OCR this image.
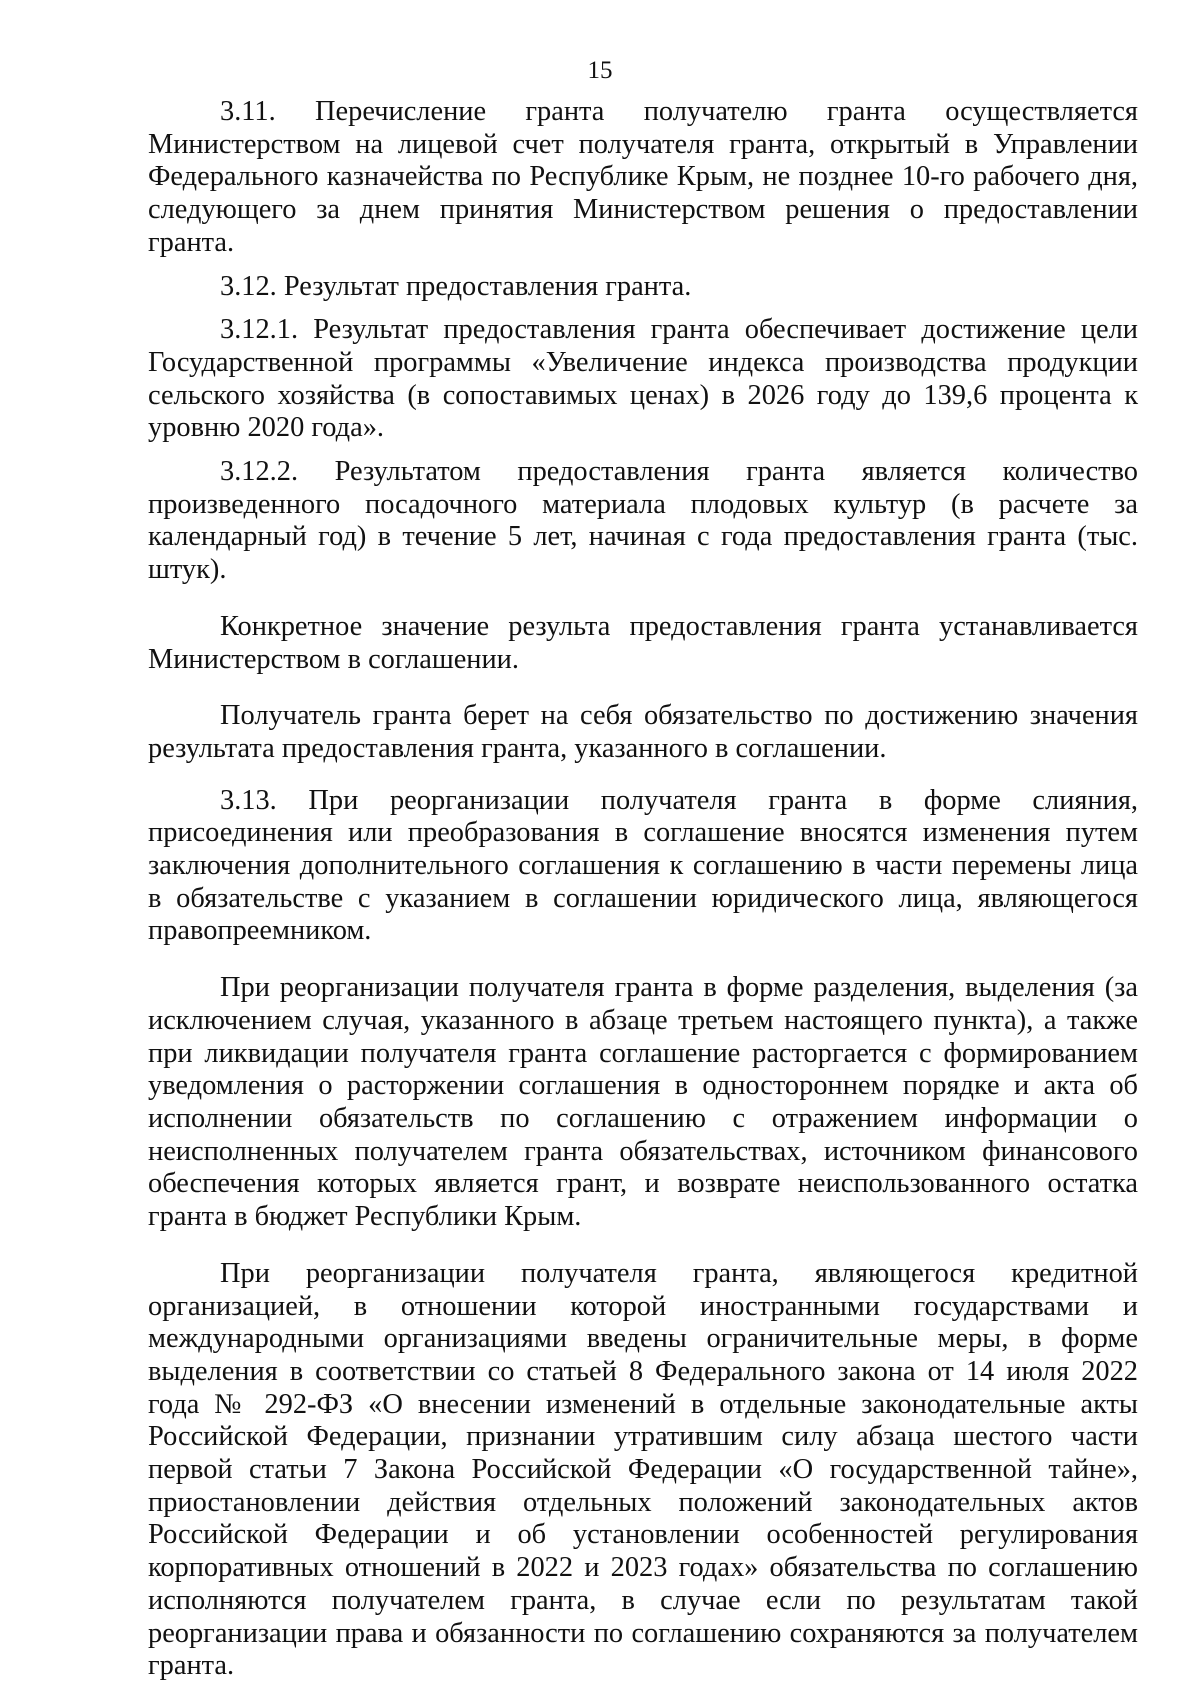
15

3.11. Перечисление гранта получателю гранта осуществляется Министерством на лицевой счет получателя гранта, открытый в Управлении Федерального казначейства по Республике Крым, не позднее 10-го рабочего дня, следующего за днем принятия Министерством решения о предоставлении гранта.

3.12. Результат предоставления гранта.

3.12.1. Результат предоставления гранта обеспечивает достижение цели Государственной программы «Увеличение индекса производства продукции сельского хозяйства (в сопоставимых ценах) в 2026 году до 139,6 процента к уровню 2020 года».

3.12.2. Результатом предоставления гранта является количество произведенного посадочного материала плодовых культур (в расчете за календарный год) в течение 5 лет, начиная с года предоставления гранта (тыс. штук).

Конкретное значение результа предоставления гранта устанавливается Министерством в соглашении.

Получатель гранта берет на себя обязательство по достижению значения результата предоставления гранта, указанного в соглашении.

3.13. При реорганизации получателя гранта в форме слияния, присоединения или преобразования в соглашение вносятся изменения путем заключения дополнительного соглашения к соглашению в части перемены лица в обязательстве с указанием в соглашении юридического лица, являющегося правопреемником.

При реорганизации получателя гранта в форме разделения, выделения (за исключением случая, указанного в абзаце третьем настоящего пункта), а также при ликвидации получателя гранта соглашение расторгается с формированием уведомления о расторжении соглашения в одностороннем порядке и акта об исполнении обязательств по соглашению с отражением информации о неисполненных получателем гранта обязательствах, источником финансового обеспечения которых является грант, и возврате неиспользованного остатка гранта в бюджет Республики Крым.

При реорганизации получателя гранта, являющегося кредитной организацией, в отношении которой иностранными государствами и международными организациями введены ограничительные меры, в форме выделения в соответствии со статьей 8 Федерального закона от 14 июля 2022 года № 292-ФЗ «О внесении изменений в отдельные законодательные акты Российской Федерации, признании утратившим силу абзаца шестого части первой статьи 7 Закона Российской Федерации «О государственной тайне», приостановлении действия отдельных положений законодательных актов Российской Федерации и об установлении особенностей регулирования корпоративных отношений в 2022 и 2023 годах» обязательства по соглашению исполняются получателем гранта, в случае если по результатам такой реорганизации права и обязанности по соглашению сохраняются за получателем гранта.
